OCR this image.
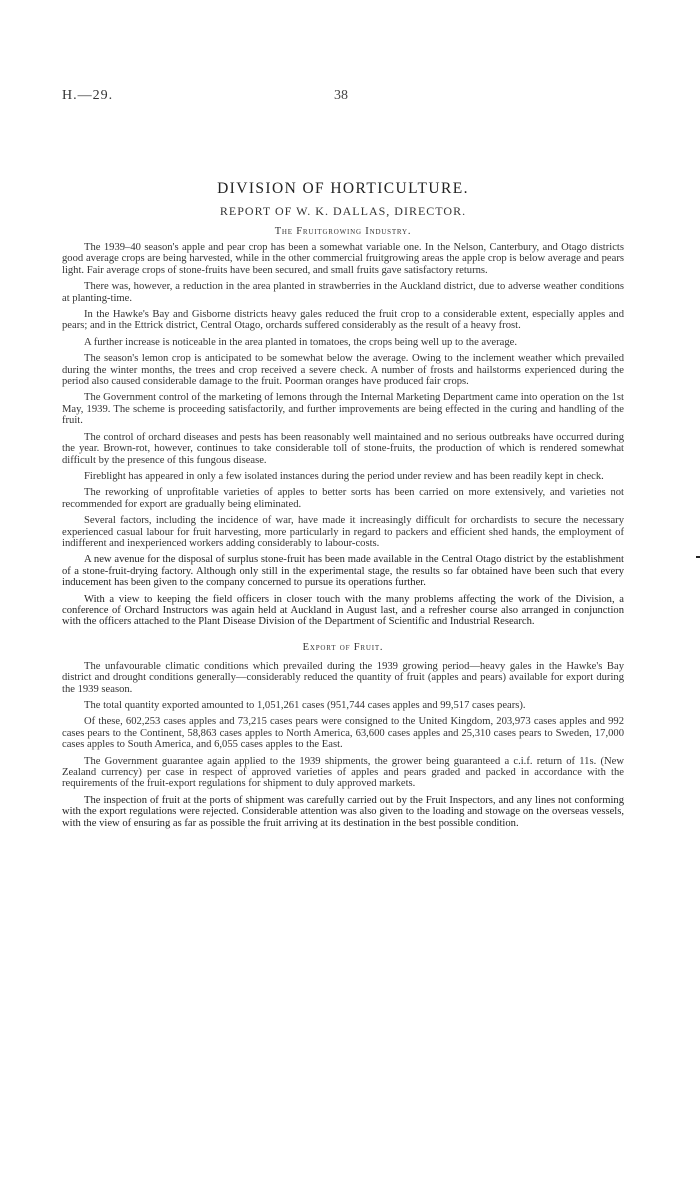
H.—29.	38
DIVISION OF HORTICULTURE.
REPORT OF W. K. DALLAS, DIRECTOR.
The Fruitgrowing Industry.

The 1939–40 season's apple and pear crop has been a somewhat variable one. In the Nelson, Canterbury, and Otago districts good average crops are being harvested, while in the other commercial fruitgrowing areas the apple crop is below average and pears light. Fair average crops of stone-fruits have been secured, and small fruits gave satisfactory returns.

There was, however, a reduction in the area planted in strawberries in the Auckland district, due to adverse weather conditions at planting-time.

In the Hawke's Bay and Gisborne districts heavy gales reduced the fruit crop to a considerable extent, especially apples and pears; and in the Ettrick district, Central Otago, orchards suffered considerably as the result of a heavy frost.

A further increase is noticeable in the area planted in tomatoes, the crops being well up to the average.

The season's lemon crop is anticipated to be somewhat below the average. Owing to the inclement weather which prevailed during the winter months, the trees and crop received a severe check. A number of frosts and hailstorms experienced during the period also caused considerable damage to the fruit. Poorman oranges have produced fair crops.

The Government control of the marketing of lemons through the Internal Marketing Department came into operation on the 1st May, 1939. The scheme is proceeding satisfactorily, and further improvements are being effected in the curing and handling of the fruit.

The control of orchard diseases and pests has been reasonably well maintained and no serious outbreaks have occurred during the year. Brown-rot, however, continues to take considerable toll of stone-fruits, the production of which is rendered somewhat difficult by the presence of this fungous disease.

Fireblight has appeared in only a few isolated instances during the period under review and has been readily kept in check.

The reworking of unprofitable varieties of apples to better sorts has been carried on more extensively, and varieties not recommended for export are gradually being eliminated.

Several factors, including the incidence of war, have made it increasingly difficult for orchardists to secure the necessary experienced casual labour for fruit harvesting, more particularly in regard to packers and efficient shed hands, the employment of indifferent and inexperienced workers adding considerably to labour-costs.

A new avenue for the disposal of surplus stone-fruit has been made available in the Central Otago district by the establishment of a stone-fruit-drying factory. Although only still in the experimental stage, the results so far obtained have been such that every inducement has been given to the company concerned to pursue its operations further.

With a view to keeping the field officers in closer touch with the many problems affecting the work of the Division, a conference of Orchard Instructors was again held at Auckland in August last, and a refresher course also arranged in conjunction with the officers attached to the Plant Disease Division of the Department of Scientific and Industrial Research.

Export of Fruit.

The unfavourable climatic conditions which prevailed during the 1939 growing period—heavy gales in the Hawke's Bay district and drought conditions generally—considerably reduced the quantity of fruit (apples and pears) available for export during the 1939 season.

The total quantity exported amounted to 1,051,261 cases (951,744 cases apples and 99,517 cases pears).

Of these, 602,253 cases apples and 73,215 cases pears were consigned to the United Kingdom, 203,973 cases apples and 992 cases pears to the Continent, 58,863 cases apples to North America, 63,600 cases apples and 25,310 cases pears to Sweden, 17,000 cases apples to South America, and 6,055 cases apples to the East.

The Government guarantee again applied to the 1939 shipments, the grower being guaranteed a c.i.f. return of 11s. (New Zealand currency) per case in respect of approved varieties of apples and pears graded and packed in accordance with the requirements of the fruit-export regulations for shipment to duly approved markets.

The inspection of fruit at the ports of shipment was carefully carried out by the Fruit Inspectors, and any lines not conforming with the export regulations were rejected. Considerable attention was also given to the loading and stowage on the overseas vessels, with the view of ensuring as far as possible the fruit arriving at its destination in the best possible condition.
